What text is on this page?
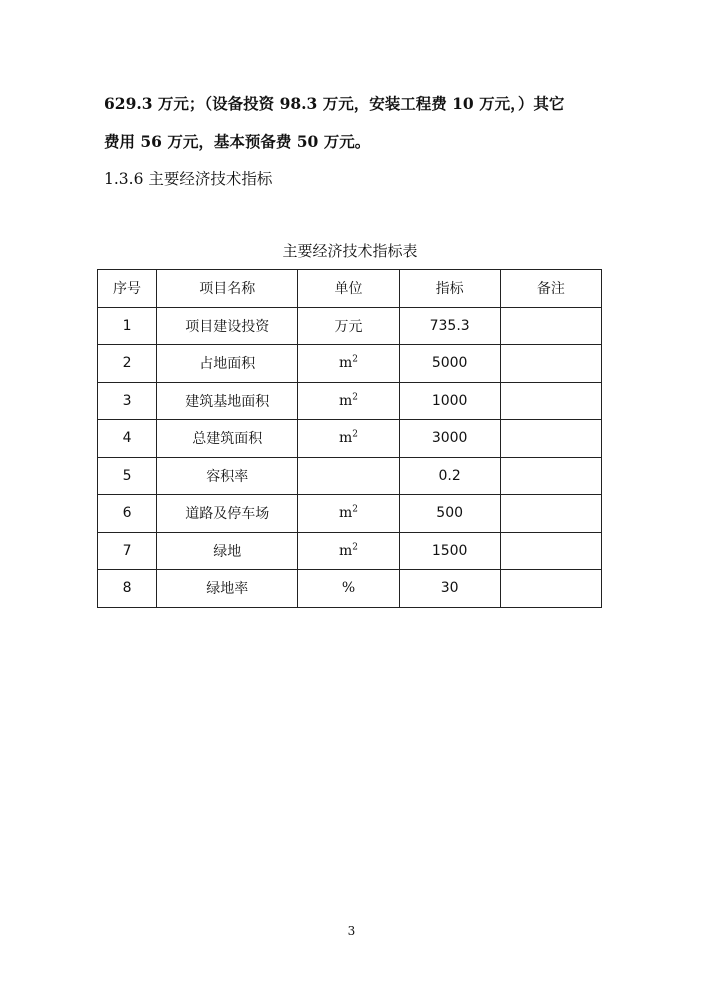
629.3 万元；（设备投资 98.3 万元，安装工程费 10 万元，）其它
费用 56 万元，基本预备费 50 万元。
1.3.6 主要经济技术指标
主要经济技术指标表
序号	项目名称	单位	指标	备注
1	项目建设投资	万元	735.3	
2	占地面积	$m^2$	5000	
3	建筑基地面积	$m^2$	1000	
4	总建筑面积	$m^2$	3000	
5	容积率		0.2	
6	道路及停车场	$m^2$	500	
7	绿地	$m^2$	1500	
8	绿地率	%	30	
3
